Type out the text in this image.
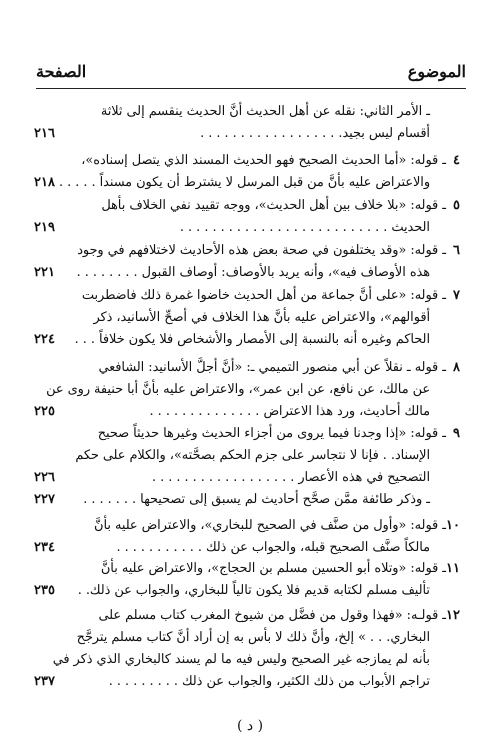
الموضوع
الصفحة
ـ الأمر الثاني: نقله عن أهل الحديث أنَّ الحديث ينقسم إلى ثلاثة
أقسام ليس بجيد. . . . . . . . . . . . . . . . . .
٢١٦
٤
ـ قوله: «أما الحديث الصحيح فهو الحديث المسند الذي يتصل إسناده»،
والاعتراض عليه بأنَّ من قبل المرسل لا يشترط أن يكون مسنداً . . . . . .
٢١٨
٥
ـ قوله: «بلا خلاف بين أهل الحديث»، ووجه تقييد نفي الخلاف بأهل
الحديث . . . . . . . . . . . . . . . . . . . . . . . . . .
٢١٩
٦
ـ قوله: «وقد يختلفون في صحة بعض هذه الأحاديث لاختلافهم في وجود
هذه الأوصاف فيه»، وأنه يريد بالأوصاف: أوصاف القبول . . . . . . . .
٢٢١
٧
ـ قوله: «على أنَّ جماعة من أهل الحديث خاضوا غمرة ذلك فاضطربت
أقوالهم»، والاعتراض عليه بأنَّ هذا الخلاف في أصحِّ الأسانيد، ذكر
الحاكم وغيره أنه بالنسبة إلى الأمصار والأشخاص فلا يكون خلافاً . . .
٢٢٤
٨
ـ قوله ـ نقلاً عن أبي منصور التميمي ـ: «أنَّ أجلَّ الأسانيد: الشافعي
عن مالك، عن نافع، عن ابن عمر»، والاعتراض عليه بأنَّ أبا حنيفة روى عن
مالك أحاديث، ورد هذا الاعتراض . . . . . . . . . . . . . .
٢٢٥
٩
ـ قوله: «إذا وجدنا فيما يروى من أجزاء الحديث وغيرها حديثاً صحيح
الإسناد. . فإنا لا نتجاسر على جزم الحكم بصحَّته»، والكلام على حكم
التصحيح في هذه الأعصار . . . . . . . . . . . . . . . . . .
٢٢٦
ـ وذكر طائفة ممَّن صحَّح أحاديث لم يسبق إلى تصحيحها . . . . . . .
٢٢٧
١٠
ـ قوله: «وأول من صنَّف في الصحيح للبخاري»، والاعتراض عليه بأنَّ
مالكاً صنَّف الصحيح قبله، والجواب عن ذلك . . . . . . . . . . .
٢٣٤
١١
ـ قوله: «وتلاه أبو الحسين مسلم بن الحجاج»، والاعتراض عليه بأنَّ
تأليف مسلم لكتابه قديم فلا يكون تالياً للبخاري، والجواب عن ذلك. .
٢٣٥
١٢
ـ قولـه: «فهذا وقول من فضَّل من شيوخ المغرب كتاب مسلم على
البخاري. . . » إلخ، وأنَّ ذلك لا بأس به إن أراد أنَّ كتاب مسلم يترجَّح
بأنه لم يمازجه غير الصحيح وليس فيه ما لم يسند كالبخاري الذي ذكر في
تراجم الأبواب من ذلك الكثير، والجواب عن ذلك . . . . . . . . .
٢٣٧
( د )
